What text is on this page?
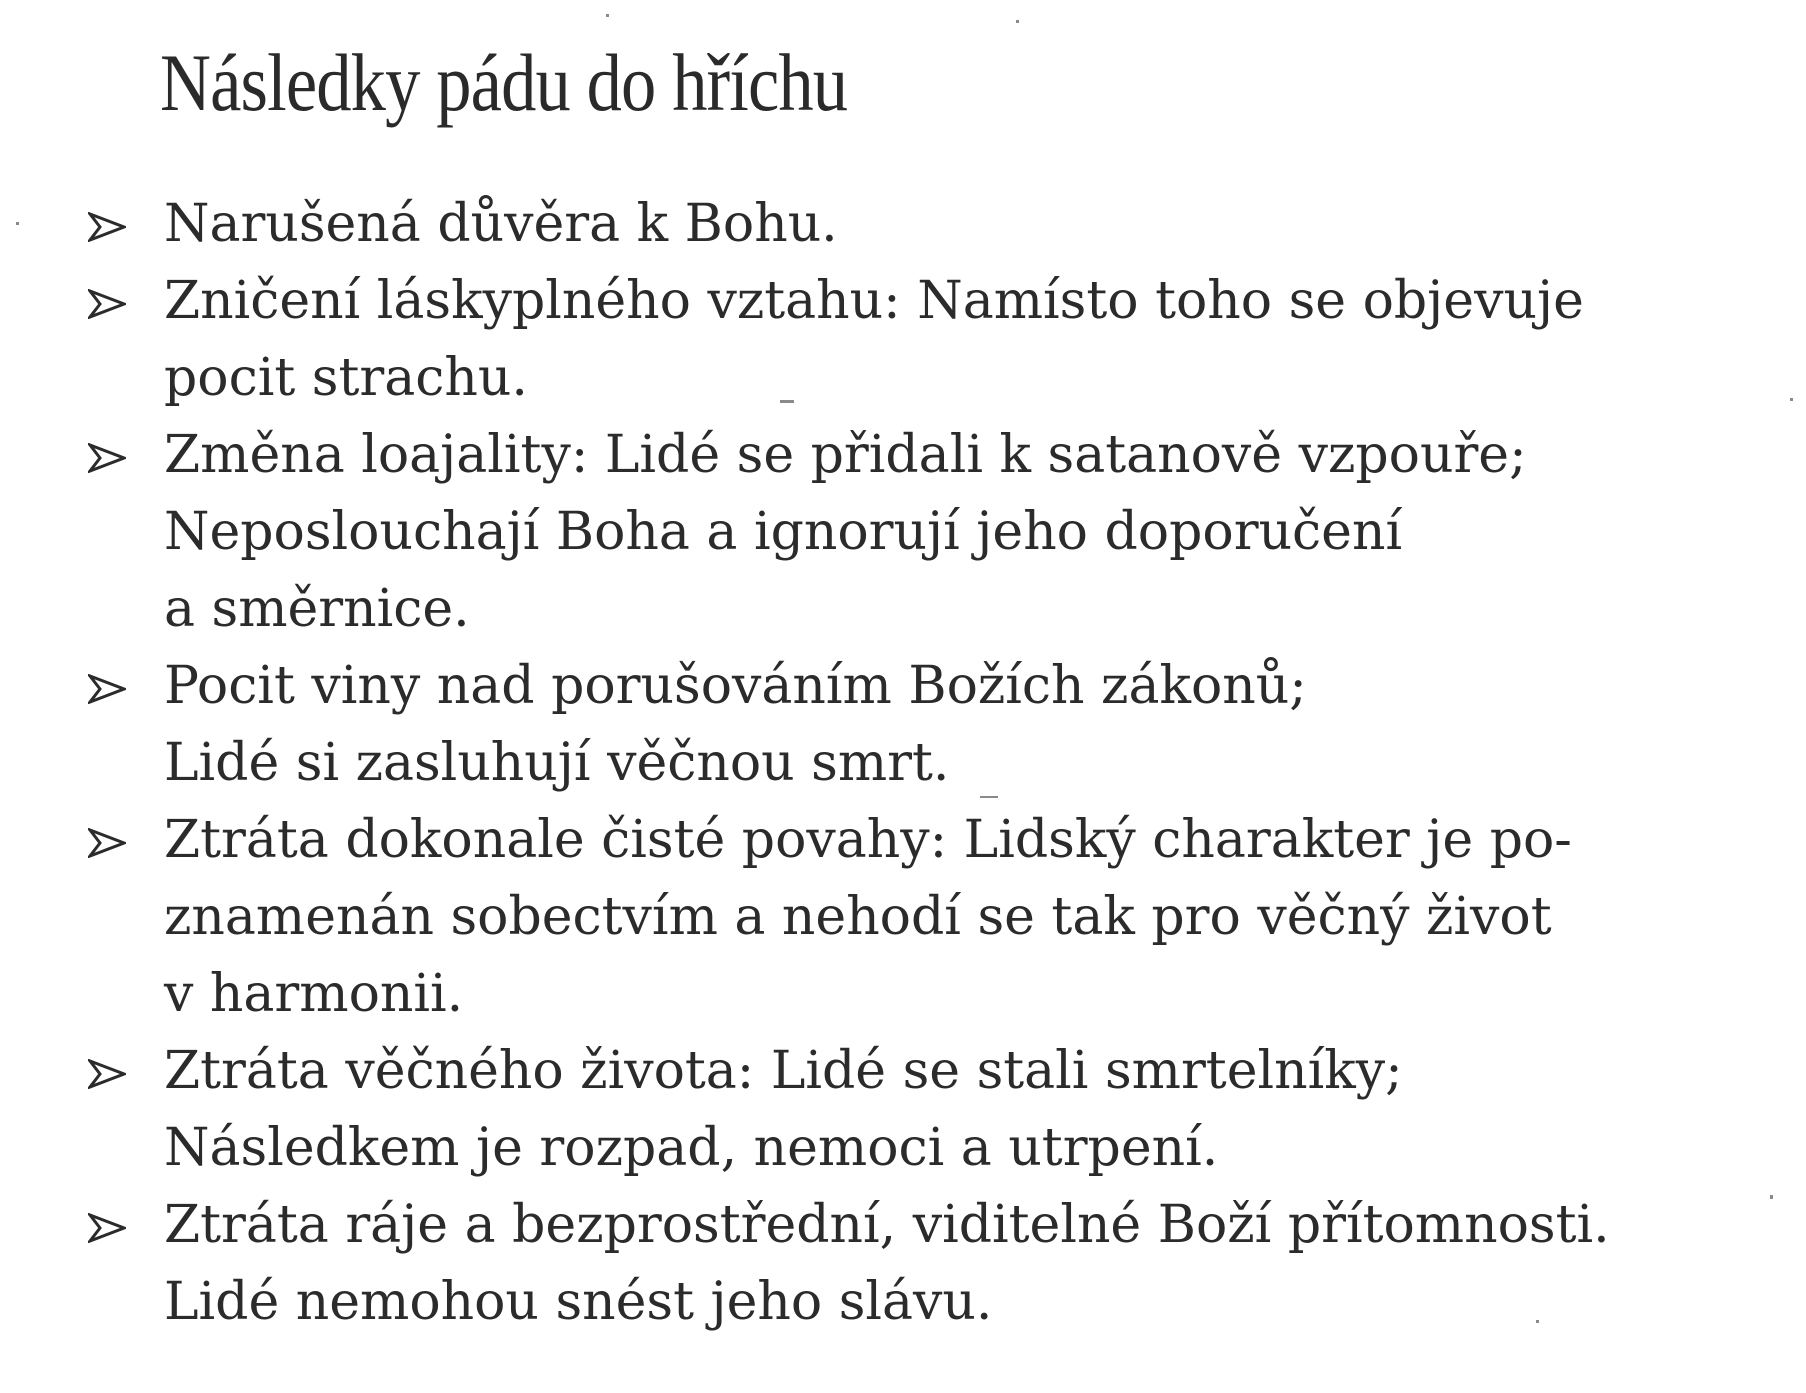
Následky pádu do hříchu
Narušená důvěra k Bohu.
Zničení láskyplného vztahu: Namísto toho se objevuje
pocit strachu.
Změna loajality: Lidé se přidali k satanově vzpouře;
Neposlouchají Boha a ignorují jeho doporučení
a směrnice.
Pocit viny nad porušováním Božích zákonů;
Lidé si zasluhují věčnou smrt.
Ztráta dokonale čisté povahy: Lidský charakter je po-
znamenán sobectvím a nehodí se tak pro věčný život
v harmonii.
Ztráta věčného života: Lidé se stali smrtelníky;
Následkem je rozpad, nemoci a utrpení.
Ztráta ráje a bezprostřední, viditelné Boží přítomnosti.
Lidé nemohou snést jeho slávu.
